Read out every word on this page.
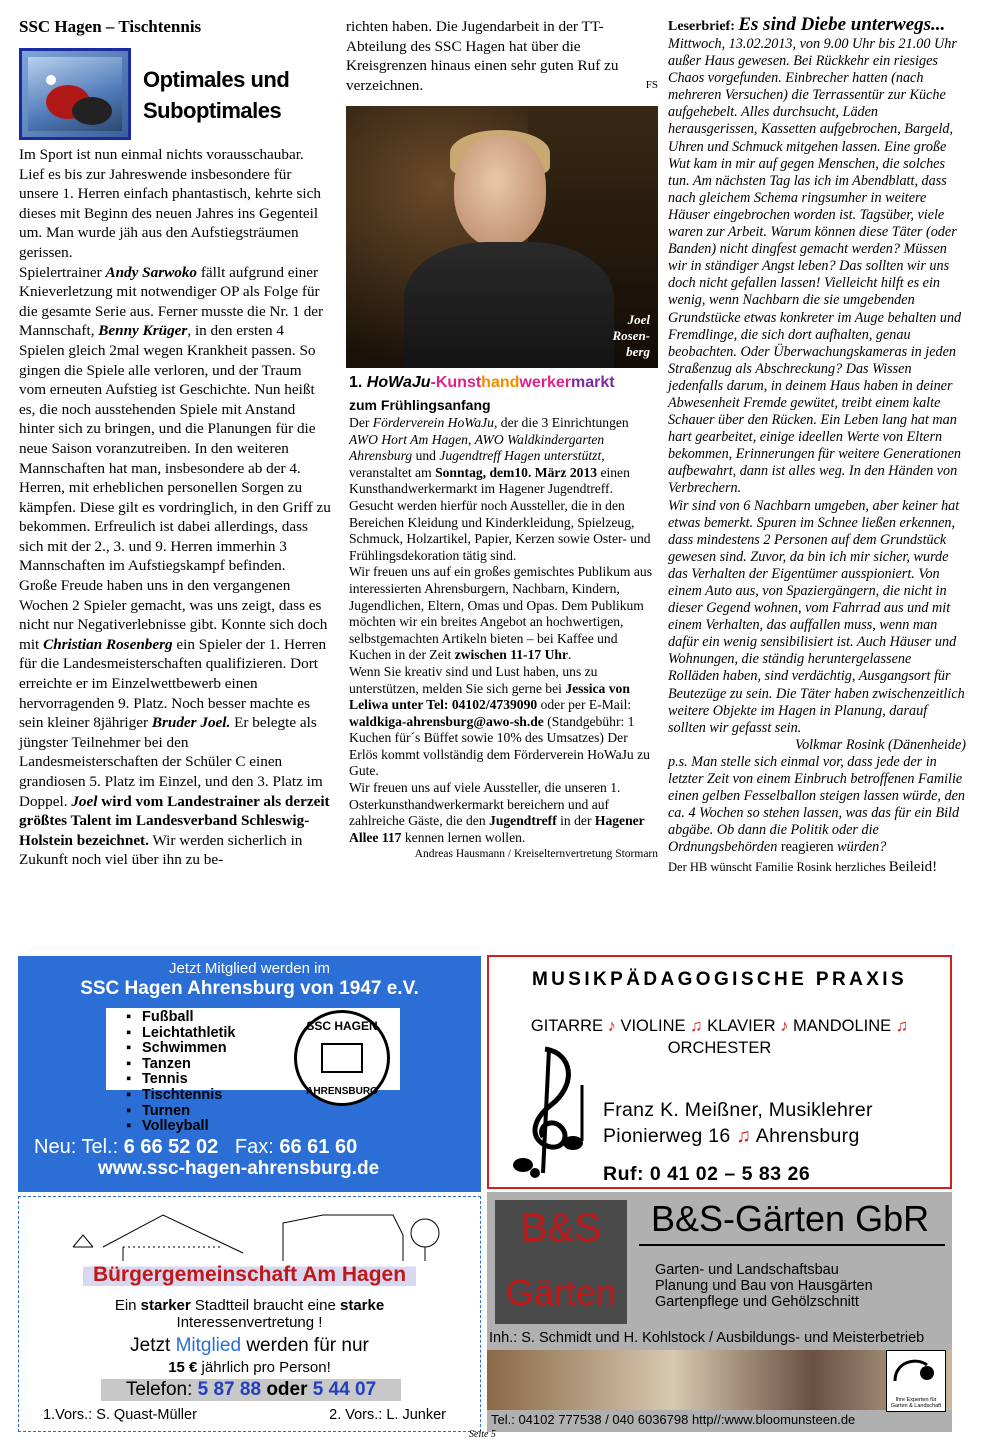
SSC Hagen – Tischtennis

Optimales und
Suboptimales

Im Sport ist nun einmal nichts vorausschaubar. Lief es bis zur Jahreswende insbesondere für unsere 1. Herren einfach phantastisch, kehrte sich dieses mit Beginn des neuen Jahres ins Gegenteil um. Man wurde jäh aus den Aufstiegsträumen gerissen.

Spielertrainer Andy Sarwoko fällt aufgrund einer Knieverletzung mit notwendiger OP als Folge für die gesamte Serie aus. Ferner musste die Nr. 1 der Mannschaft, Benny Krüger, in den ersten 4 Spielen gleich 2mal wegen Krankheit passen. So gingen die Spiele alle verloren, und der Traum vom erneuten Aufstieg ist Geschichte. Nun heißt es, die noch ausstehenden Spiele mit Anstand hinter sich zu bringen, und die Planungen für die neue Saison voranzutreiben. In den weiteren Mannschaften hat man, insbesondere ab der 4. Herren, mit erheblichen personellen Sorgen zu kämpfen. Diese gilt es vordringlich, in den Griff zu bekommen. Erfreulich ist dabei allerdings, dass sich mit der 2., 3. und 9. Herren immerhin 3 Mannschaften im Aufstiegskampf befinden.

Große Freude haben uns in den vergangenen Wochen 2 Spieler gemacht, was uns zeigt, dass es nicht nur Negativerlebnisse gibt. Konnte sich doch mit Christian Rosenberg ein Spieler der 1. Herren für die Landesmeisterschaften qualifizieren. Dort erreichte er im Einzelwettbewerb einen hervorragenden 9. Platz. Noch besser machte es sein kleiner 8jähriger Bruder Joel. Er belegte als jüngster Teilnehmer bei den Landesmeisterschaften der Schüler C einen grandiosen 5. Platz im Einzel, und den 3. Platz im Doppel. Joel wird vom Landestrainer als derzeit größtes Talent im Landesverband Schleswig-Holstein bezeichnet. Wir werden sicherlich in Zukunft noch viel über ihn zu be-

richten haben. Die Jugendarbeit in der TT-Abteilung des SSC Hagen hat über die Kreisgrenzen hinaus einen sehr guten Ruf zu verzeichnen.	FS

Joel
Rosen-
berg
1. HoWaJu-Kunsthandwerkermarkt
zum Frühlingsanfang

Der Förderverein HoWaJu, der die 3 Einrichtungen AWO Hort Am Hagen, AWO Waldkindergarten Ahrensburg und Jugendtreff Hagen unterstützt, veranstaltet am Sonntag, dem10. März 2013 einen Kunsthandwerkermarkt im Hagener Jugendtreff. Gesucht werden hierfür noch Aussteller, die in den Bereichen Kleidung und Kinderkleidung, Spielzeug, Schmuck, Holzartikel, Papier, Kerzen sowie Oster- und Frühlingsdekoration tätig sind.

Wir freuen uns auf ein großes gemischtes Publikum aus interessierten Ahrensburgern, Nachbarn, Kindern, Jugendlichen, Eltern, Omas und Opas. Dem Publikum möchten wir ein breites Angebot an hochwertigen, selbstgemachten Artikeln bieten – bei Kaffee und Kuchen in der Zeit zwischen 11-17 Uhr.

Wenn Sie kreativ sind und Lust haben, uns zu unterstützen, melden Sie sich gerne bei Jessica von Leliwa unter Tel: 04102/4739090 oder per E-Mail: waldkiga-ahrensburg@awo-sh.de (Standgebühr: 1 Kuchen für´s Büffet sowie 10% des Umsatzes) Der Erlös kommt vollständig dem Förderverein HoWaJu zu Gute.

Wir freuen uns auf viele Aussteller, die unseren 1. Osterkunsthandwerkermarkt bereichern und auf zahlreiche Gäste, die den Jugendtreff in der Hagener Allee 117 kennen lernen wollen.

Andreas Hausmann / Kreiselternvertretung Stormarn

Leserbrief: Es sind Diebe unterwegs...

Mittwoch, 13.02.2013, von 9.00 Uhr bis 21.00 Uhr außer Haus gewesen. Bei Rückkehr ein riesiges Chaos vorgefunden. Einbrecher hatten (nach mehreren Versuchen) die Terrassentür zur Küche aufgehebelt. Alles durchsucht, Läden herausgerissen, Kassetten aufgebrochen, Bargeld, Uhren und Schmuck mitgehen lassen. Eine große Wut kam in mir auf gegen Menschen, die solches tun. Am nächsten Tag las ich im Abendblatt, dass nach gleichem Schema ringsumher in weitere Häuser eingebrochen worden ist. Tagsüber, viele waren zur Arbeit. Warum können diese Täter (oder Banden) nicht dingfest gemacht werden? Müssen wir in ständiger Angst leben? Das sollten wir uns doch nicht gefallen lassen! Vielleicht hilft es ein wenig, wenn Nachbarn die sie umgebenden Grundstücke etwas konkreter im Auge behalten und Fremdlinge, die sich dort aufhalten, genau beobachten. Oder Überwachungskameras in jeden Straßenzug als Abschreckung? Das Wissen jedenfalls darum, in deinem Haus haben in deiner Abwesenheit Fremde gewütet, treibt einem kalte Schauer über den Rücken. Ein Leben lang hat man hart gearbeitet, einige ideellen Werte von Eltern bekommen, Erinnerungen für weitere Generationen aufbewahrt, dann ist alles weg. In den Händen von Verbrechern.

Wir sind von 6 Nachbarn umgeben, aber keiner hat etwas bemerkt. Spuren im Schnee ließen erkennen, dass mindestens 2 Personen auf dem Grundstück gewesen sind. Zuvor, da bin ich mir sicher, wurde das Verhalten der Eigentümer ausspioniert. Von einem Auto aus, von Spaziergängern, die nicht in dieser Gegend wohnen, vom Fahrrad aus und mit einem Verhalten, das auffallen muss, wenn man dafür ein wenig sensibilisiert ist. Auch Häuser und Wohnungen, die ständig heruntergelassene Rolläden haben, sind verdächtig, Ausgangsort für Beutezüge zu sein. Die Täter haben zwischenzeitlich weitere Objekte im Hagen in Planung, darauf sollten wir gefasst sein.

Volkmar Rosink (Dänenheide)

p.s. Man stelle sich einmal vor, dass jede der in letzter Zeit von einem Einbruch betroffenen Familie einen gelben Fesselballon steigen lassen würde, den ca. 4 Wochen so stehen lassen, was das für ein Bild abgäbe. Ob dann die Politik oder die Ordnungsbehörden reagieren würden?

Der HB wünscht Familie Rosink herzliches Beileid!

Jetzt Mitglied werden im
SSC Hagen Ahrensburg von 1947 e.V.
▪ Fußball
▪ Leichtathletik
▪ Schwimmen
▪ Tanzen
▪ Tennis
▪ Tischtennis
▪ Turnen
▪ Volleyball
SSC HAGEN
AHRENSBURG
Neu: Tel.: 6 66 52 02   Fax: 66 61 60
www.ssc-hagen-ahrensburg.de
MUSIKPÄDAGOGISCHE PRAXIS
GITARRE ♪ VIOLINE ♫ KLAVIER ♪ MANDOLINE ♫
ORCHESTER
Franz K. Meißner, Musiklehrer
Pionierweg 16 ♫ Ahrensburg
Ruf: 0 41 02 – 5 83 26
Bürgergemeinschaft Am Hagen
Ein starker Stadtteil braucht eine starke
Interessenvertretung !
Jetzt Mitglied werden für nur
15 € jährlich pro Person!
Telefon: 5 87 88 oder 5 44 07
1.Vors.: S. Quast-Müller	2. Vors.: L. Junker
B&S
Gärten
B&S-Gärten GbR
Garten- und Landschaftsbau
Planung und Bau von Hausgärten
Gartenpflege und Gehölzschnitt
Inh.: S. Schmidt und H. Kohlstock / Ausbildungs- und Meisterbetrieb
Ihre Experten für Garten & Landschaft
Tel.: 04102 777538 / 040 6036798 http//:www.bloomunsteen.de
Seite 5
